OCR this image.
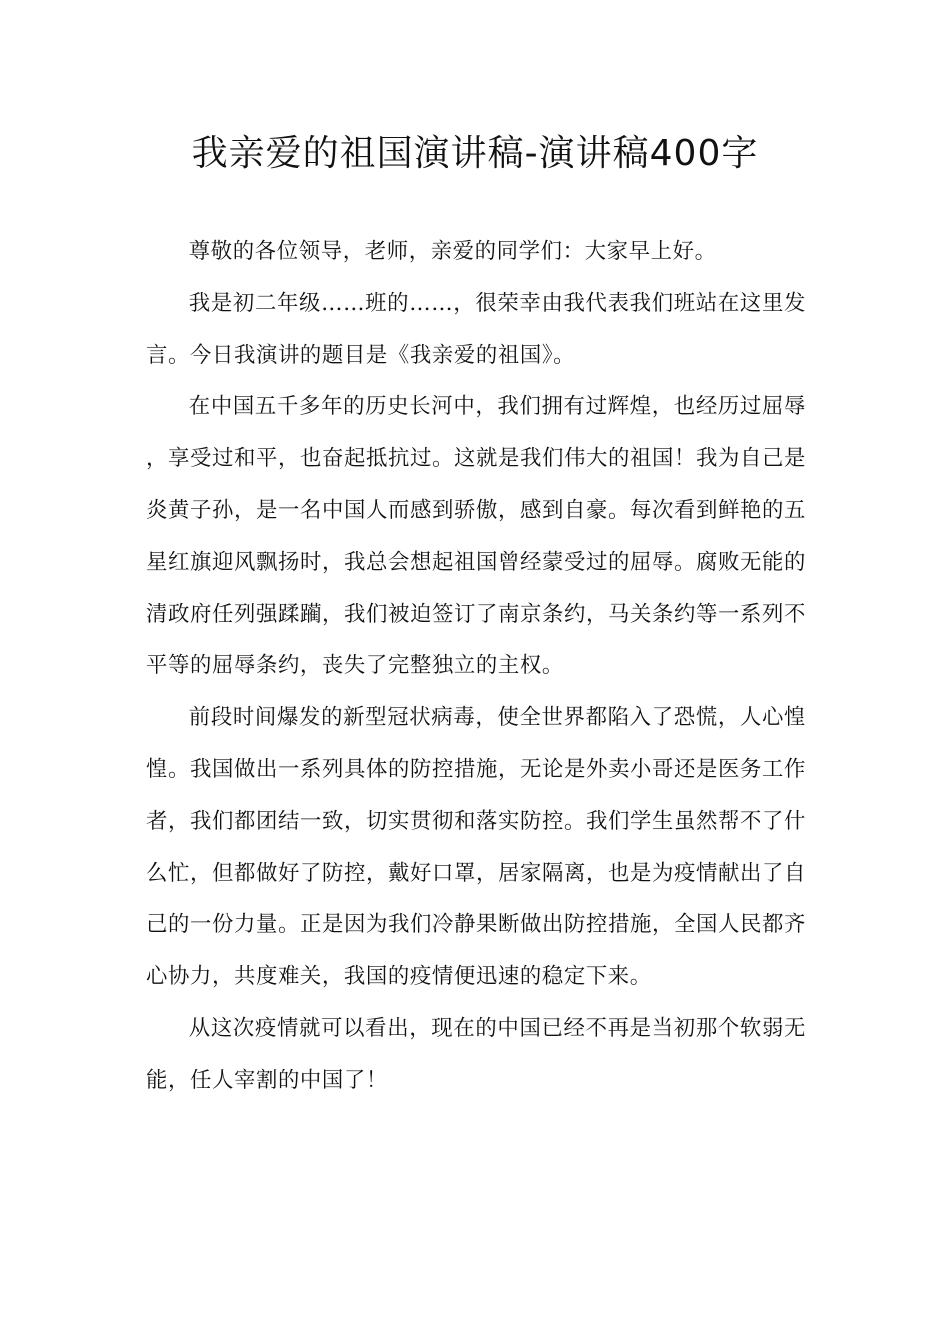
我亲爱的祖国演讲稿-演讲稿400字

尊敬的各位领导，老师，亲爱的同学们：大家早上好。

我是初二年级……班的……，很荣幸由我代表我们班站在这里发言。今日我演讲的题目是《我亲爱的祖国》。

在中国五千多年的历史长河中，我们拥有过辉煌，也经历过屈辱，享受过和平，也奋起抵抗过。这就是我们伟大的祖国！我为自己是炎黄子孙，是一名中国人而感到骄傲，感到自豪。每次看到鲜艳的五星红旗迎风飘扬时，我总会想起祖国曾经蒙受过的屈辱。腐败无能的清政府任列强蹂躏，我们被迫签订了南京条约，马关条约等一系列不平等的屈辱条约，丧失了完整独立的主权。

前段时间爆发的新型冠状病毒，使全世界都陷入了恐慌，人心惶惶。我国做出一系列具体的防控措施，无论是外卖小哥还是医务工作者，我们都团结一致，切实贯彻和落实防控。我们学生虽然帮不了什么忙，但都做好了防控，戴好口罩，居家隔离，也是为疫情献出了自己的一份力量。正是因为我们冷静果断做出防控措施，全国人民都齐心协力，共度难关，我国的疫情便迅速的稳定下来。

从这次疫情就可以看出，现在的中国已经不再是当初那个软弱无能，任人宰割的中国了！
